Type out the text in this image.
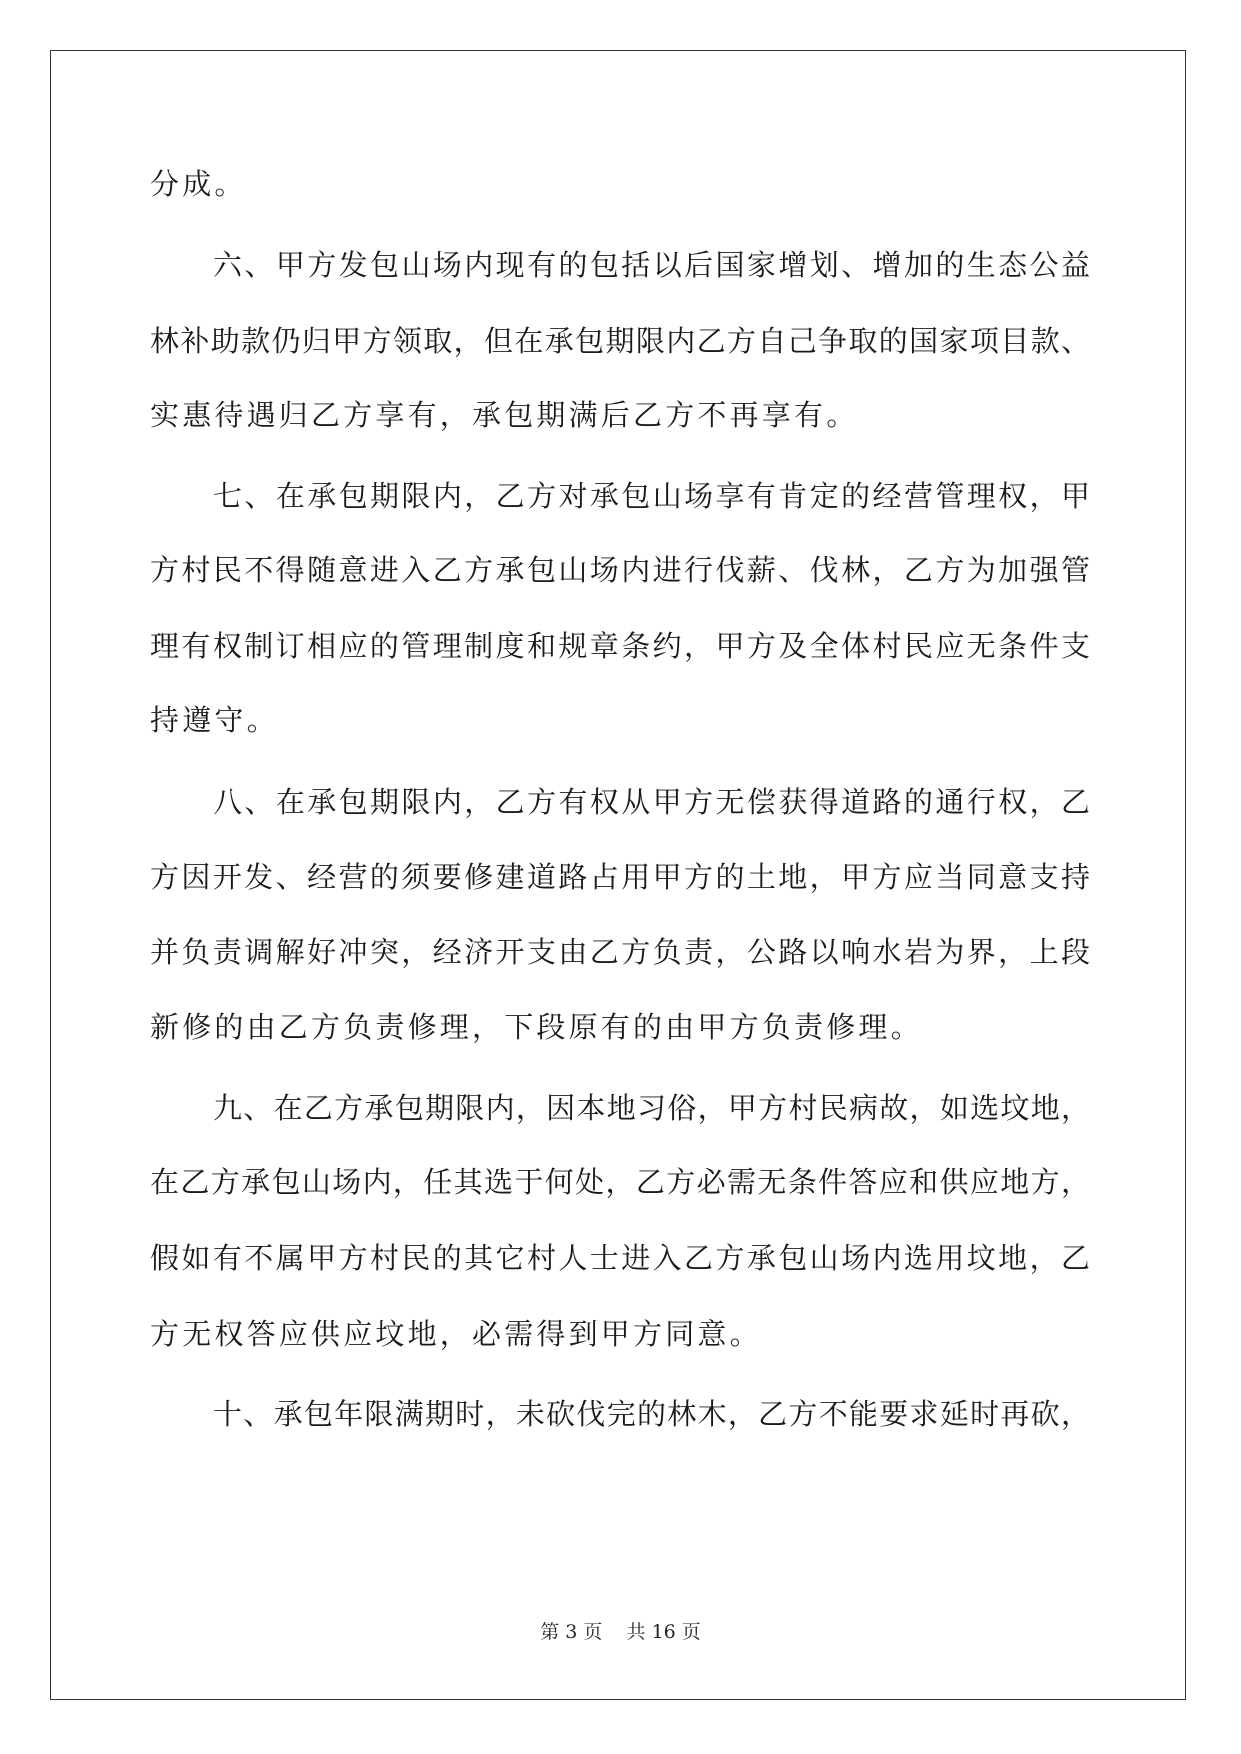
分成。
六、甲方发包山场内现有的包括以后国家增划、增加的生态公益
林补助款仍归甲方领取，但在承包期限内乙方自己争取的国家项目款、
实惠待遇归乙方享有，承包期满后乙方不再享有。
七、在承包期限内，乙方对承包山场享有肯定的经营管理权，甲
方村民不得随意进入乙方承包山场内进行伐薪、伐林，乙方为加强管
理有权制订相应的管理制度和规章条约，甲方及全体村民应无条件支
持遵守。
八、在承包期限内，乙方有权从甲方无偿获得道路的通行权，乙
方因开发、经营的须要修建道路占用甲方的土地，甲方应当同意支持
并负责调解好冲突，经济开支由乙方负责，公路以响水岩为界，上段
新修的由乙方负责修理，下段原有的由甲方负责修理。
九、在乙方承包期限内，因本地习俗，甲方村民病故，如选坟地，
在乙方承包山场内，任其选于何处，乙方必需无条件答应和供应地方，
假如有不属甲方村民的其它村人士进入乙方承包山场内选用坟地，乙
方无权答应供应坟地，必需得到甲方同意。
十、承包年限满期时，未砍伐完的林木，乙方不能要求延时再砍，
第 3 页 共 16 页
